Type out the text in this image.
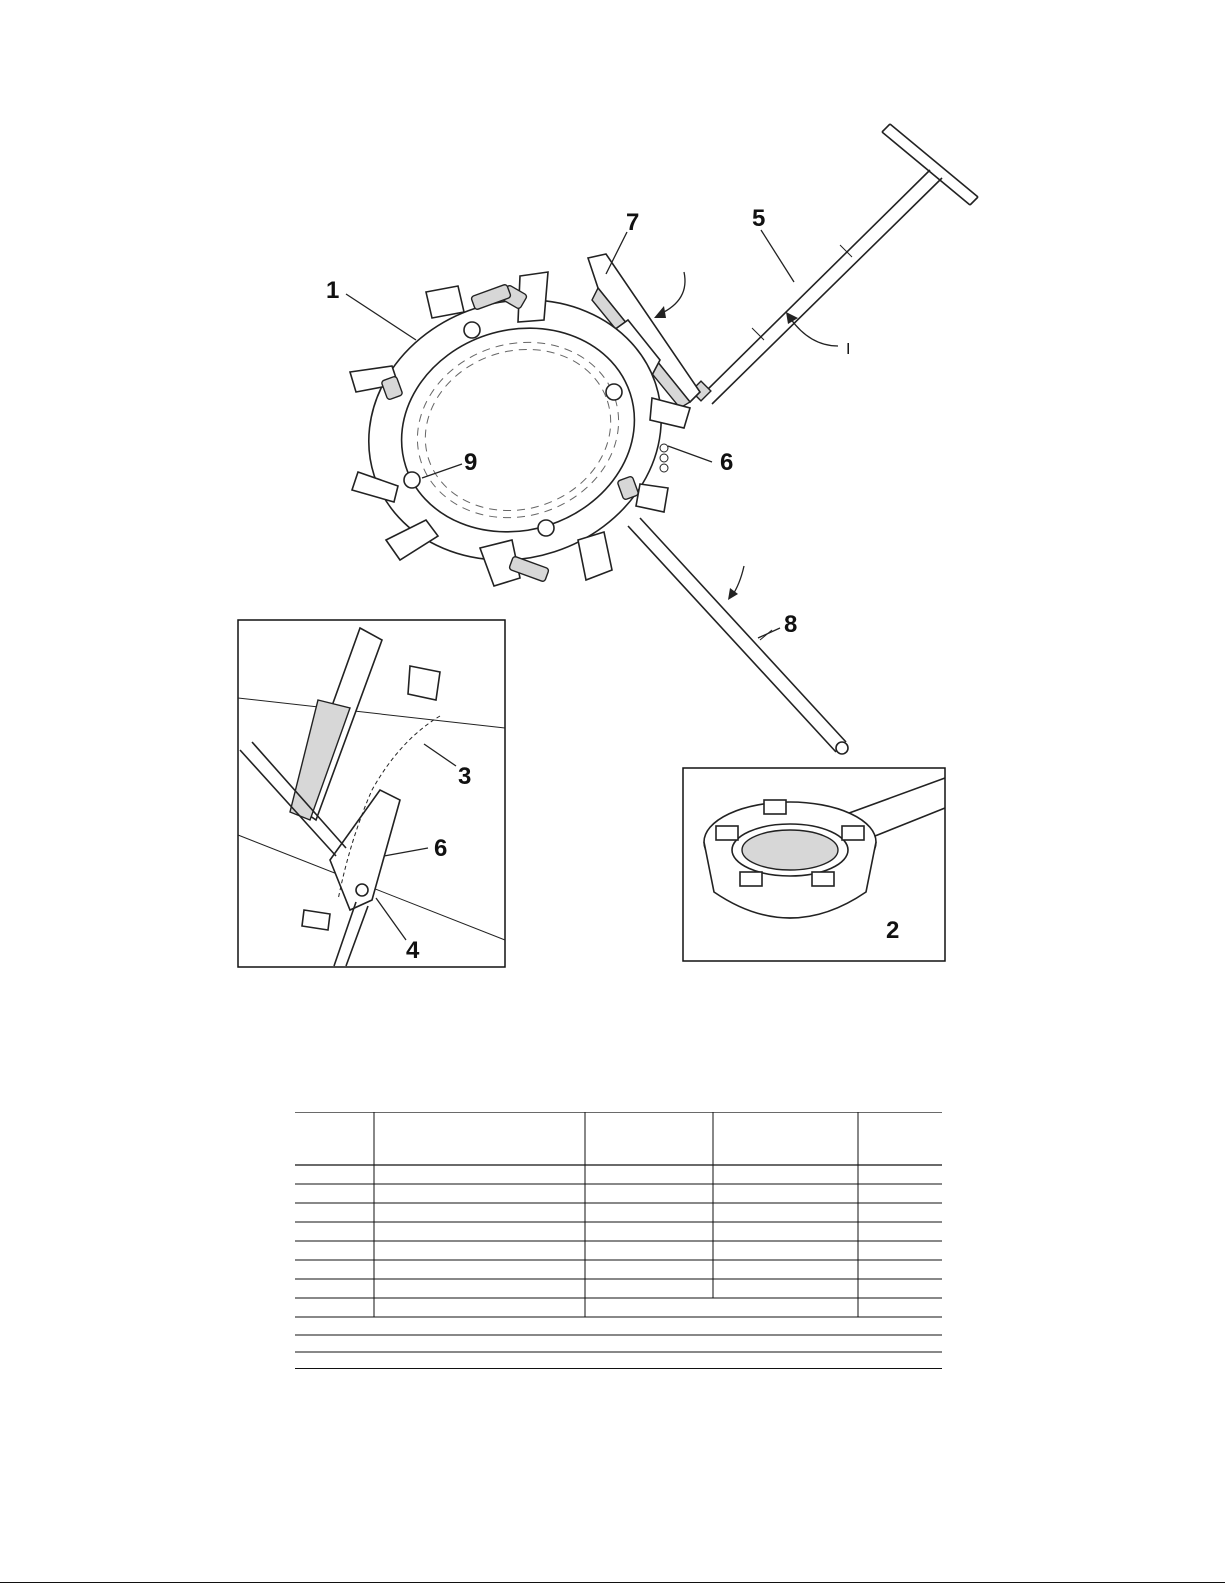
1
7	5
6
9
8
I
3
6
4
2
